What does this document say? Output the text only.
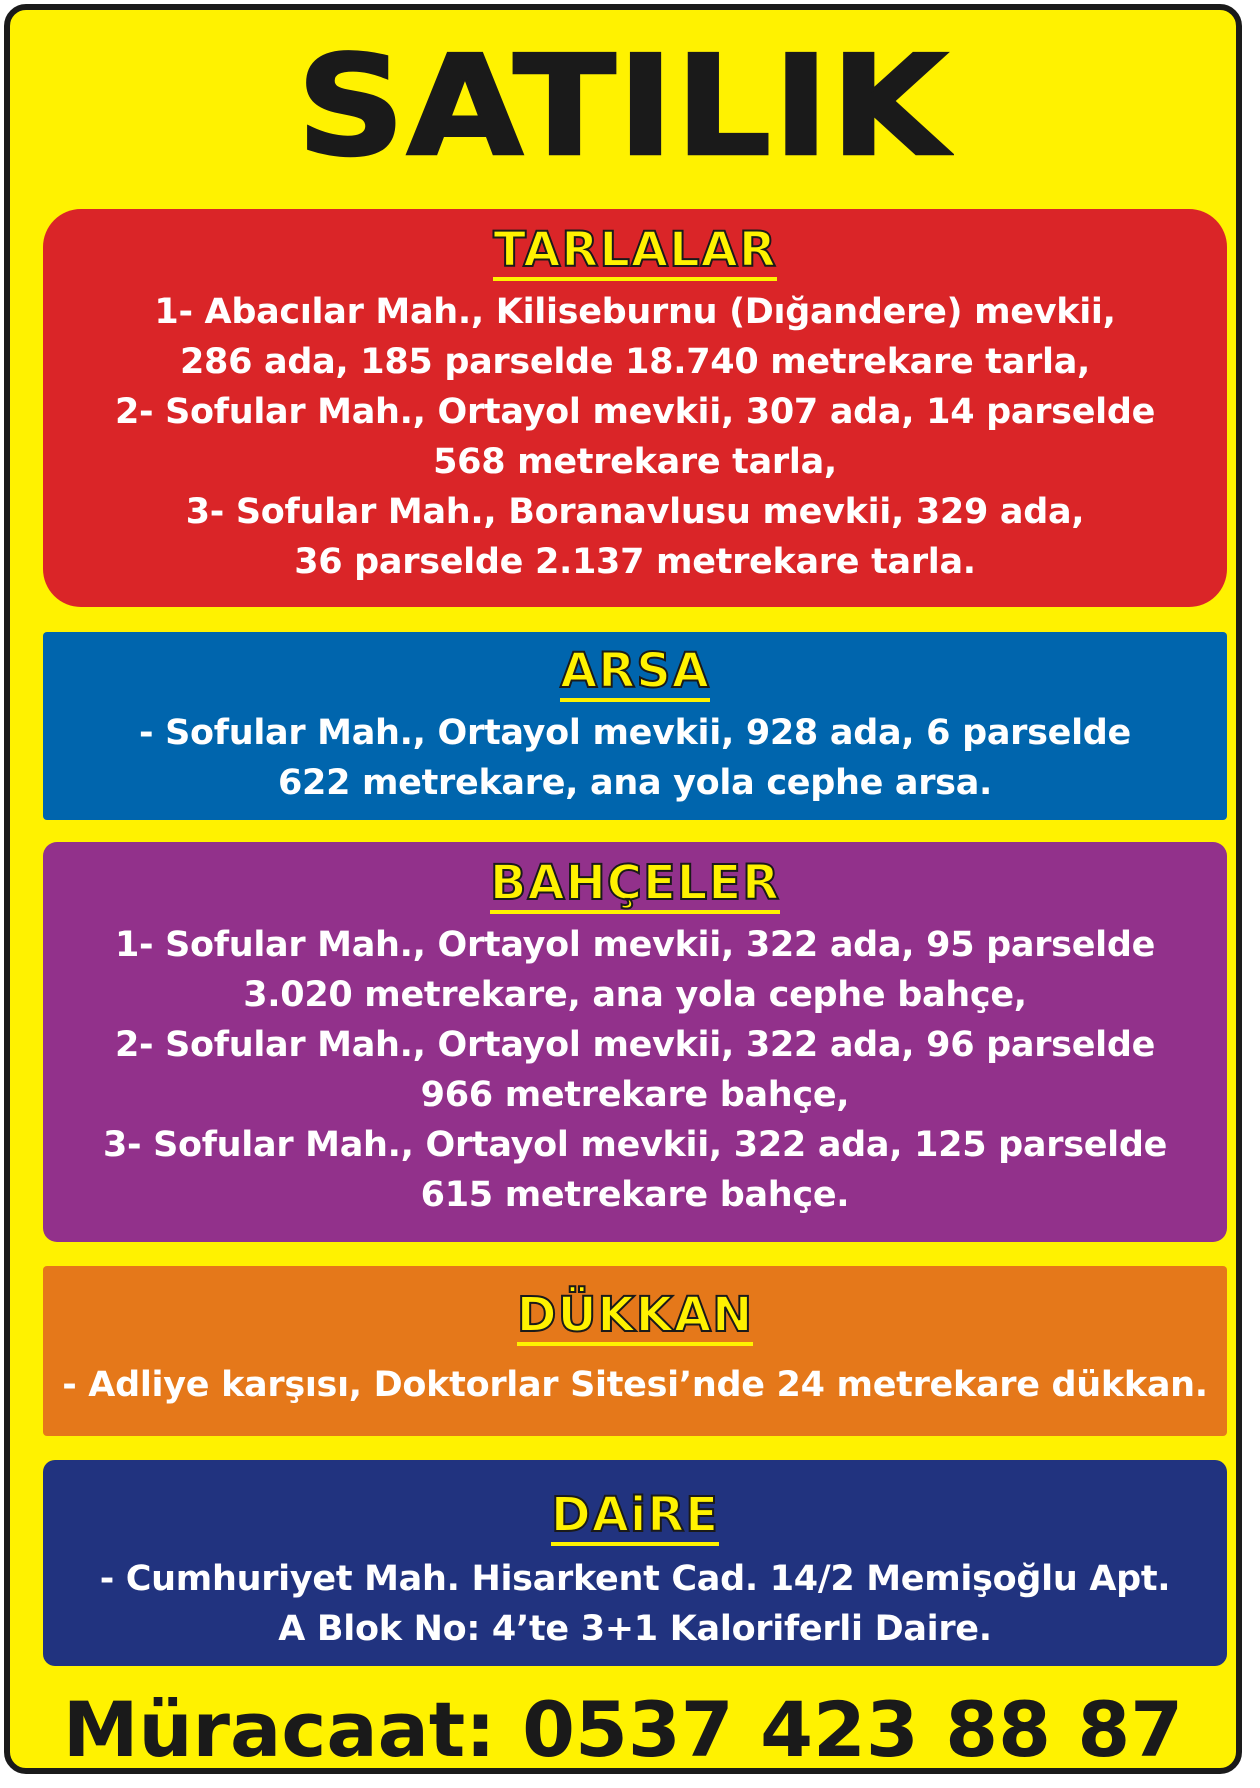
SATILIK
TARLALAR
1- Abacılar Mah., Kiliseburnu (Dığandere) mevkii,
286 ada, 185 parselde 18.740 metrekare tarla,
2- Sofular Mah., Ortayol mevkii, 307 ada, 14 parselde
568 metrekare tarla,
3- Sofular Mah., Boranavlusu mevkii, 329 ada,
36 parselde 2.137 metrekare tarla.
ARSA
- Sofular Mah., Ortayol mevkii, 928 ada, 6 parselde
622 metrekare, ana yola cephe arsa.
BAHÇELER
1- Sofular Mah., Ortayol mevkii, 322 ada, 95 parselde
3.020 metrekare, ana yola cephe bahçe,
2- Sofular Mah., Ortayol mevkii, 322 ada, 96 parselde
966 metrekare bahçe,
3- Sofular Mah., Ortayol mevkii, 322 ada, 125 parselde
615 metrekare bahçe.
DÜKKAN
- Adliye karşısı, Doktorlar Sitesi’nde 24 metrekare dükkan.
DAiRE
- Cumhuriyet Mah. Hisarkent Cad. 14/2 Memişoğlu Apt.
A Blok No: 4’te 3+1 Kaloriferli Daire.
Müracaat: 0537 423 88 87
